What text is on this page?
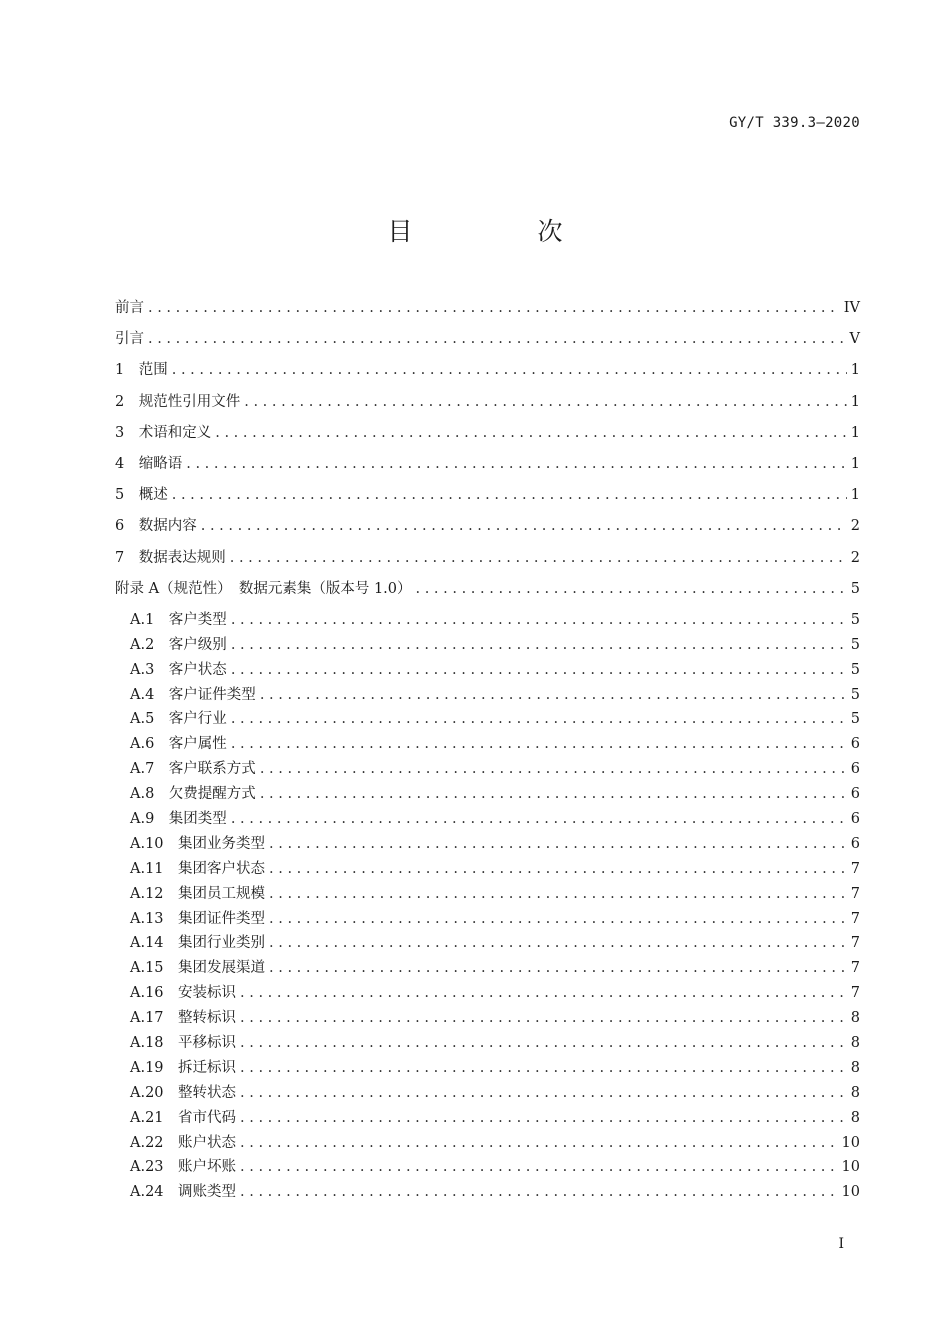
GY/T 339.3—2020
目　次
前言 . . .	IV
引言 . . .	V
1　范围 . . .	1
2　规范性引用文件 . . .	1
3　术语和定义 . . .	1
4　缩略语 . . .	1
5　概述 . . .	1
6　数据内容 . . .	2
7　数据表达规则 . . .	2
附录 A（规范性）　数据元素集（版本号 1.0） . . .	5
A.1　客户类型 . . .	5
A.2　客户级别 . . .	5
A.3　客户状态 . . .	5
A.4　客户证件类型 . . .	5
A.5　客户行业 . . .	5
A.6　客户属性 . . .	6
A.7　客户联系方式 . . .	6
A.8　欠费提醒方式 . . .	6
A.9　集团类型 . . .	6
A.10　集团业务类型 . . .	6
A.11　集团客户状态 . . .	7
A.12　集团员工规模 . . .	7
A.13　集团证件类型 . . .	7
A.14　集团行业类别 . . .	7
A.15　集团发展渠道 . . .	7
A.16　安装标识 . . .	7
A.17　整转标识 . . .	8
A.18　平移标识 . . .	8
A.19　拆迁标识 . . .	8
A.20　整转状态 . . .	8
A.21　省市代码 . . .	8
A.22　账户状态 . . .	10
A.23　账户坏账 . . .	10
A.24　调账类型 . . .	10
I
